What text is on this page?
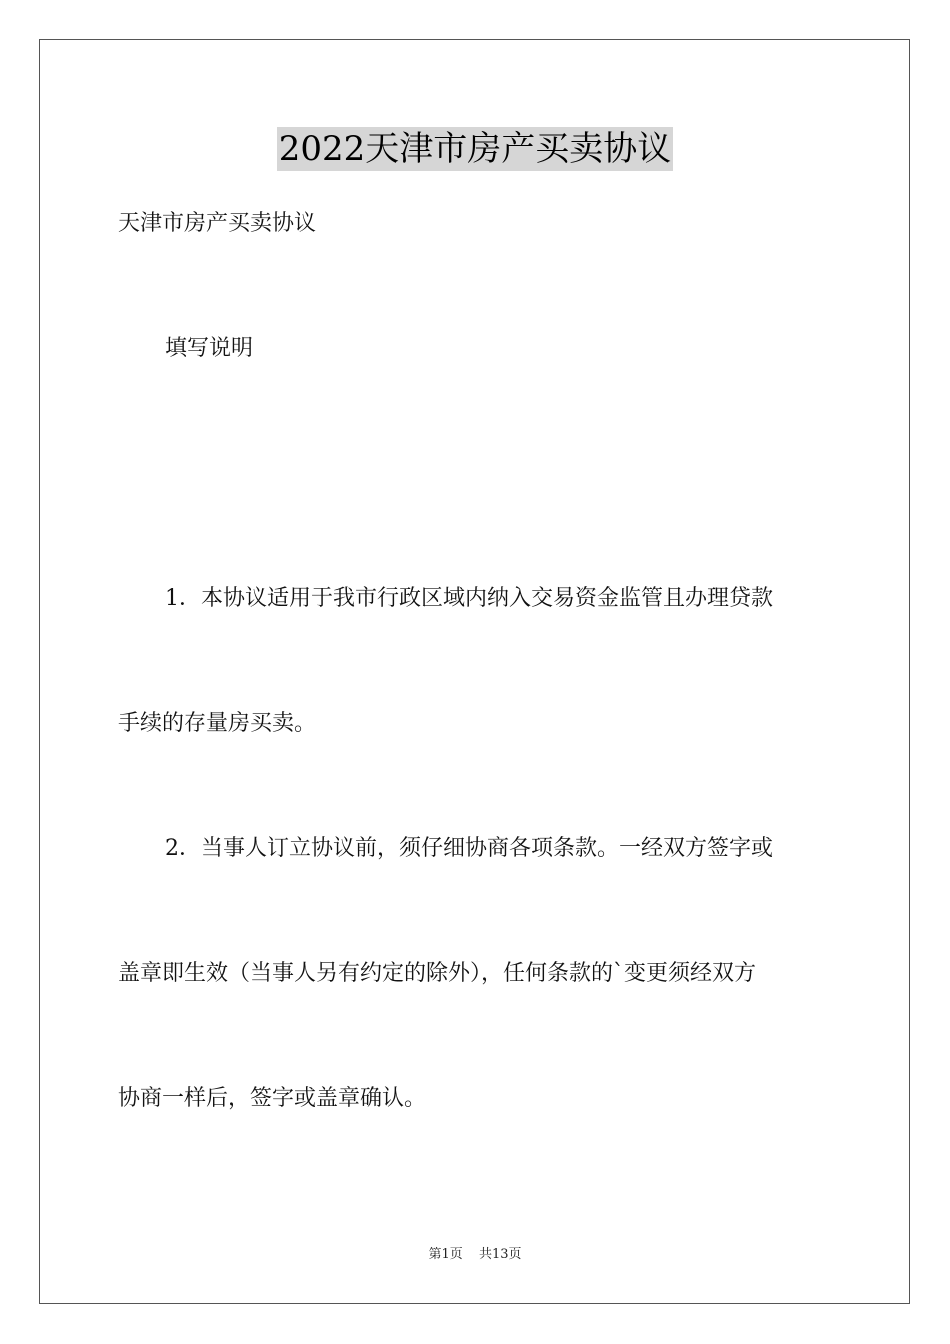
2022天津市房产买卖协议
天津市房产买卖协议
填写说明
1．本协议适用于我市行政区域内纳入交易资金监管且办理贷款
手续的存量房买卖。
2．当事人订立协议前，须仔细协商各项条款。一经双方签字或
盖章即生效（当事人另有约定的除外），任何条款的`变更须经双方
协商一样后，签字或盖章确认。
第1页 共13页
